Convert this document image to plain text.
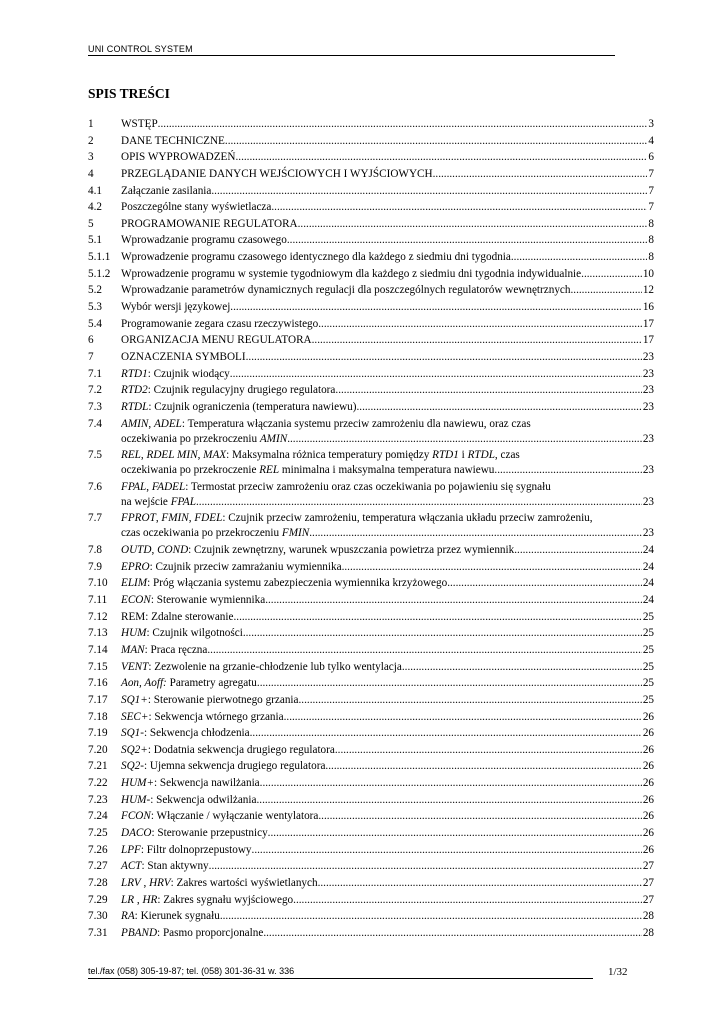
UNI CONTROL SYSTEM
SPIS TREŚCI
1	WSTĘP .....	3
2	DANE TECHNICZNE .....	4
3	OPIS WYPROWADZEŃ .....	6
4	PRZEGLĄDANIE DANYCH WEJŚCIOWYCH I WYJŚCIOWYCH .....	7
4.1	Załączanie zasilania .....	7
4.2	Poszczególne stany wyświetlacza .....	7
5	PROGRAMOWANIE REGULATORA .....	8
5.1	Wprowadzanie programu czasowego .....	8
5.1.1 Wprowadzenie programu czasowego identycznego dla każdego z siedmiu dni tygodnia .....	8
5.1.2 Wprowadzenie programu w systemie tygodniowym dla każdego z siedmiu dni tygodnia indywidualnie. .....	10
5.2	Wprowadzanie parametrów dynamicznych regulacji dla poszczególnych regulatorów wewnętrznych. .....	12
5.3	Wybór wersji językowej. .....	16
5.4	Programowanie zegara czasu rzeczywistego .....	17
6	ORGANIZACJA MENU REGULATORA .....	17
7	OZNACZENIA SYMBOLI .....	23
7.1	RTD1: Czujnik wiodący .....	23
7.2	RTD2: Czujnik regulacyjny drugiego regulatora .....	23
7.3	RTDL: Czujnik ograniczenia (temperatura nawiewu) .....	23
7.4	AMIN, ADEL: Temperatura włączania systemu przeciw zamrożeniu dla nawiewu, oraz czas
oczekiwania po przekroczeniu AMIN .....	23
7.5	REL, RDEL MIN, MAX: Maksymalna różnica temperatury pomiędzy RTD1 i RTDL, czas
oczekiwania po przekroczenie REL minimalna i maksymalna temperatura nawiewu .....	23
7.6	FPAL, FADEL: Termostat przeciw zamrożeniu oraz czas oczekiwania po pojawieniu się sygnału
na wejście FPAL .....	23
7.7	FPROT, FMIN, FDEL: Czujnik przeciw zamrożeniu, temperatura włączania układu przeciw zamrożeniu,
czas oczekiwania po przekroczeniu FMIN .....	23
7.8	OUTD, COND: Czujnik zewnętrzny, warunek wpuszczania powietrza przez wymiennik .....	24
7.9	EPRO: Czujnik przeciw zamrażaniu wymiennika .....	24
7.10	ELIM: Próg włączania systemu zabezpieczenia wymiennika krzyżowego .....	24
7.11	ECON: Sterowanie wymiennika .....	24
7.12	REM: Zdalne sterowanie .....	25
7.13	HUM: Czujnik wilgotności .....	25
7.14	MAN: Praca ręczna .....	25
7.15	VENT: Zezwolenie na grzanie-chłodzenie lub tylko wentylacja .....	25
7.16	Aon, Aoff: Parametry agregatu .....	25
7.17	SQ1+: Sterowanie pierwotnego grzania .....	25
7.18	SEC+: Sekwencja wtórnego grzania .....	26
7.19	SQ1-: Sekwencja chłodzenia .....	26
7.20	SQ2+: Dodatnia sekwencja drugiego regulatora .....	26
7.21	SQ2-: Ujemna sekwencja drugiego regulatora .....	26
7.22	HUM+: Sekwencja nawilżania .....	26
7.23	HUM-: Sekwencja odwilżania .....	26
7.24	FCON: Włączanie / wyłączanie wentylatora .....	26
7.25	DACO: Sterowanie przepustnicy .....	26
7.26	LPF: Filtr dolnoprzepustowy .....	26
7.27	ACT: Stan aktywny .....	27
7.28	LRV , HRV: Zakres wartości wyświetlanych .....	27
7.29	LR , HR: Zakres sygnału wyjściowego .....	27
7.30	RA: Kierunek sygnału .....	28
7.31	PBAND: Pasmo proporcjonalne .....	28
tel./fax (058) 305-19-87; tel. (058) 301-36-31 w. 336	1/32
